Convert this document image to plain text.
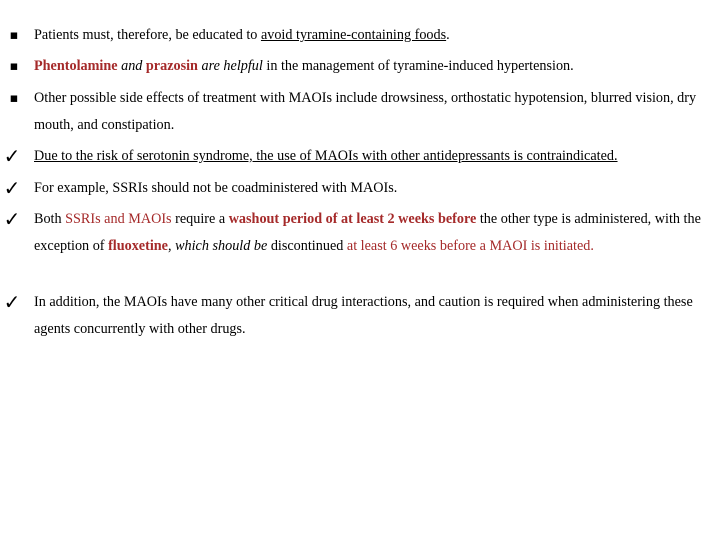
▪	Patients must, therefore, be educated to avoid tyramine-containing foods.
▪	Phentolamine and prazosin are helpful in the management of tyramine-induced hypertension.
▪	Other possible side effects of treatment with MAOIs include drowsiness, orthostatic hypotension, blurred vision, dry mouth, and constipation.
✓ Due to the risk of serotonin syndrome, the use of MAOIs with other antidepressants is contraindicated.
✓ For example, SSRIs should not be coadministered with MAOIs.
✓ Both SSRIs and MAOIs require a washout period of at least 2 weeks before the other type is administered, with the exception of fluoxetine, which should be discontinued at least 6 weeks before a MAOI is initiated.
✓ In addition, the MAOIs have many other critical drug interactions, and caution is required when administering these agents concurrently with other drugs.
